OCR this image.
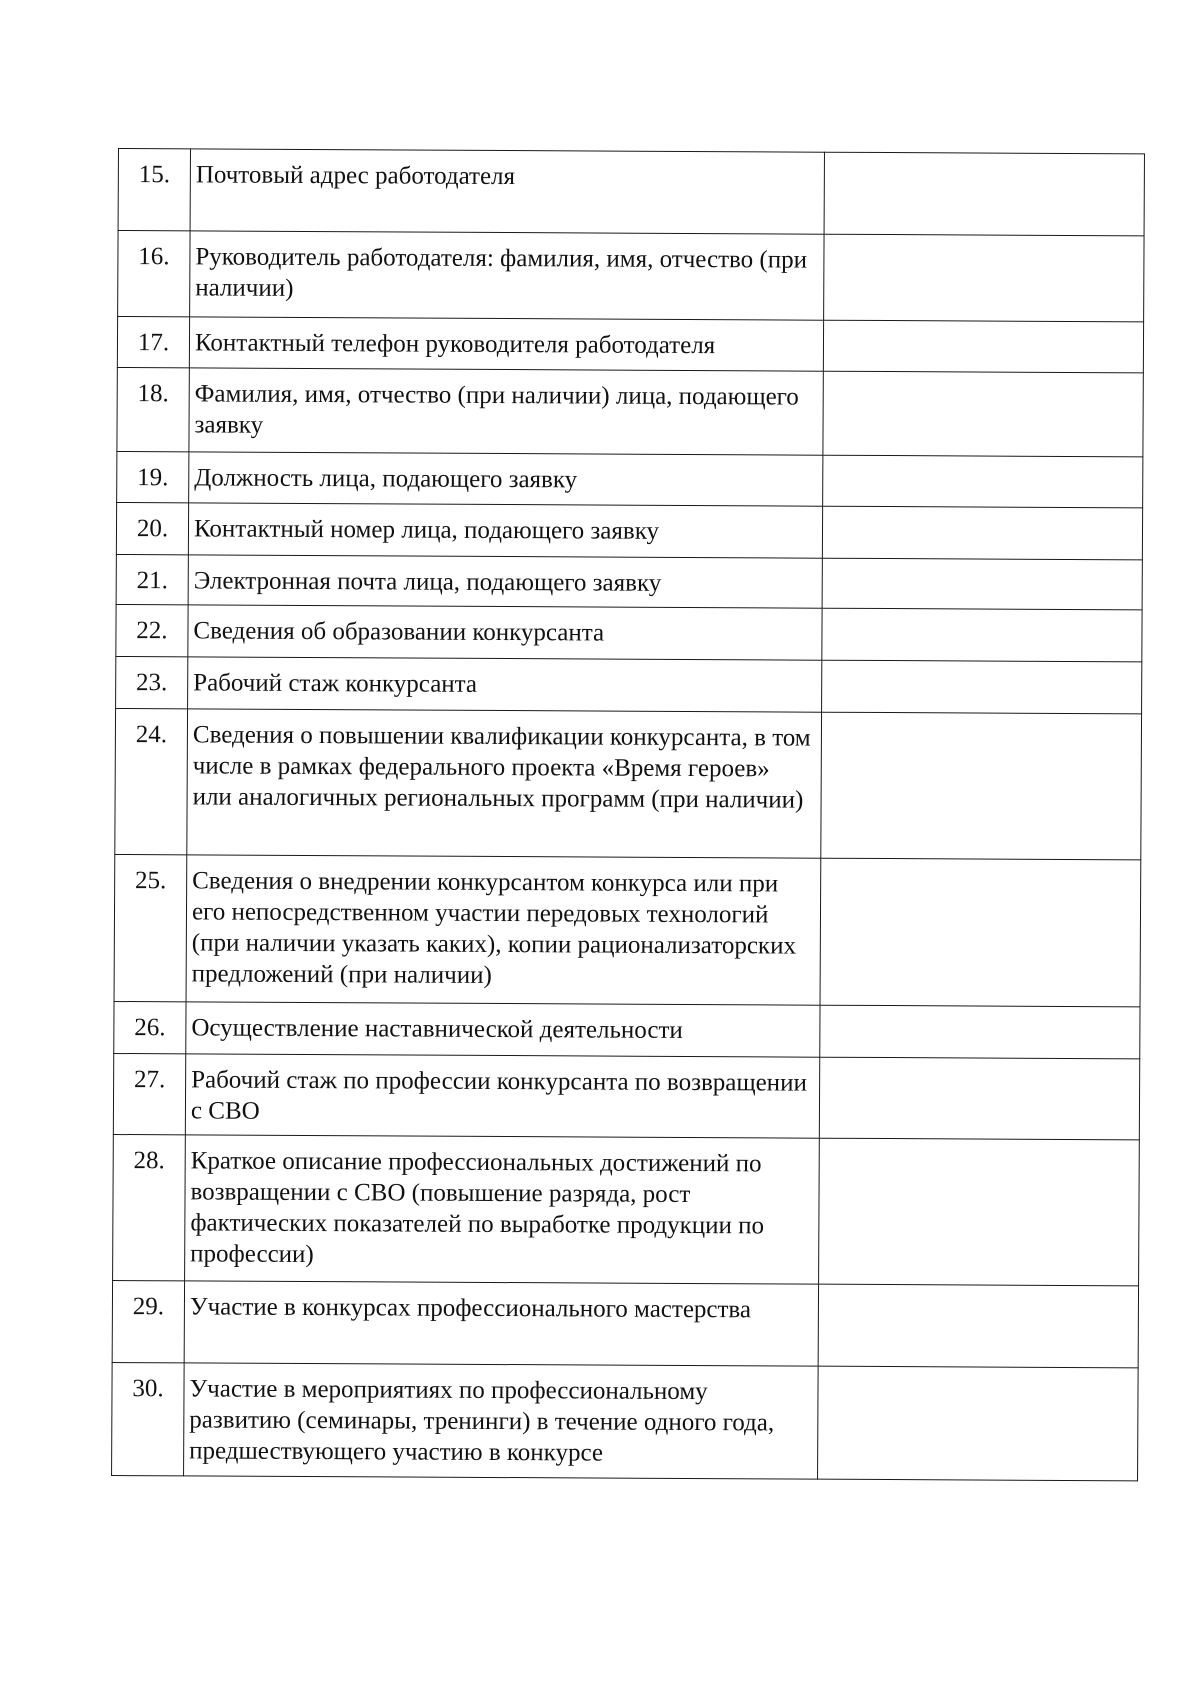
15.	Почтовый адрес работодателя	
16.	Руководитель работодателя: фамилия, имя, отчество (при наличии)	
17.	Контактный телефон руководителя работодателя	
18.	Фамилия, имя, отчество (при наличии) лица, подающего заявку	
19.	Должность лица, подающего заявку	
20.	Контактный номер лица, подающего заявку	
21.	Электронная почта лица, подающего заявку	
22.	Сведения об образовании конкурсанта	
23.	Рабочий стаж конкурсанта	
24.	Сведения о повышении квалификации конкурсанта, в том числе в рамках федерального проекта «Время героев» или аналогичных региональных программ (при наличии)	
25.	Сведения о внедрении конкурсантом конкурса или при его непосредственном участии передовых технологий (при наличии указать каких), копии рационализаторских предложений (при наличии)	
26.	Осуществление наставнической деятельности	
27.	Рабочий стаж по профессии конкурсанта по возвращении с СВО	
28.	Краткое описание профессиональных достижений по возвращении с СВО (повышение разряда, рост фактических показателей по выработке продукции по профессии)	
29.	Участие в конкурсах профессионального мастерства	
30.	Участие в мероприятиях по профессиональному развитию (семинары, тренинги) в течение одного года, предшествующего участию в конкурсе	
